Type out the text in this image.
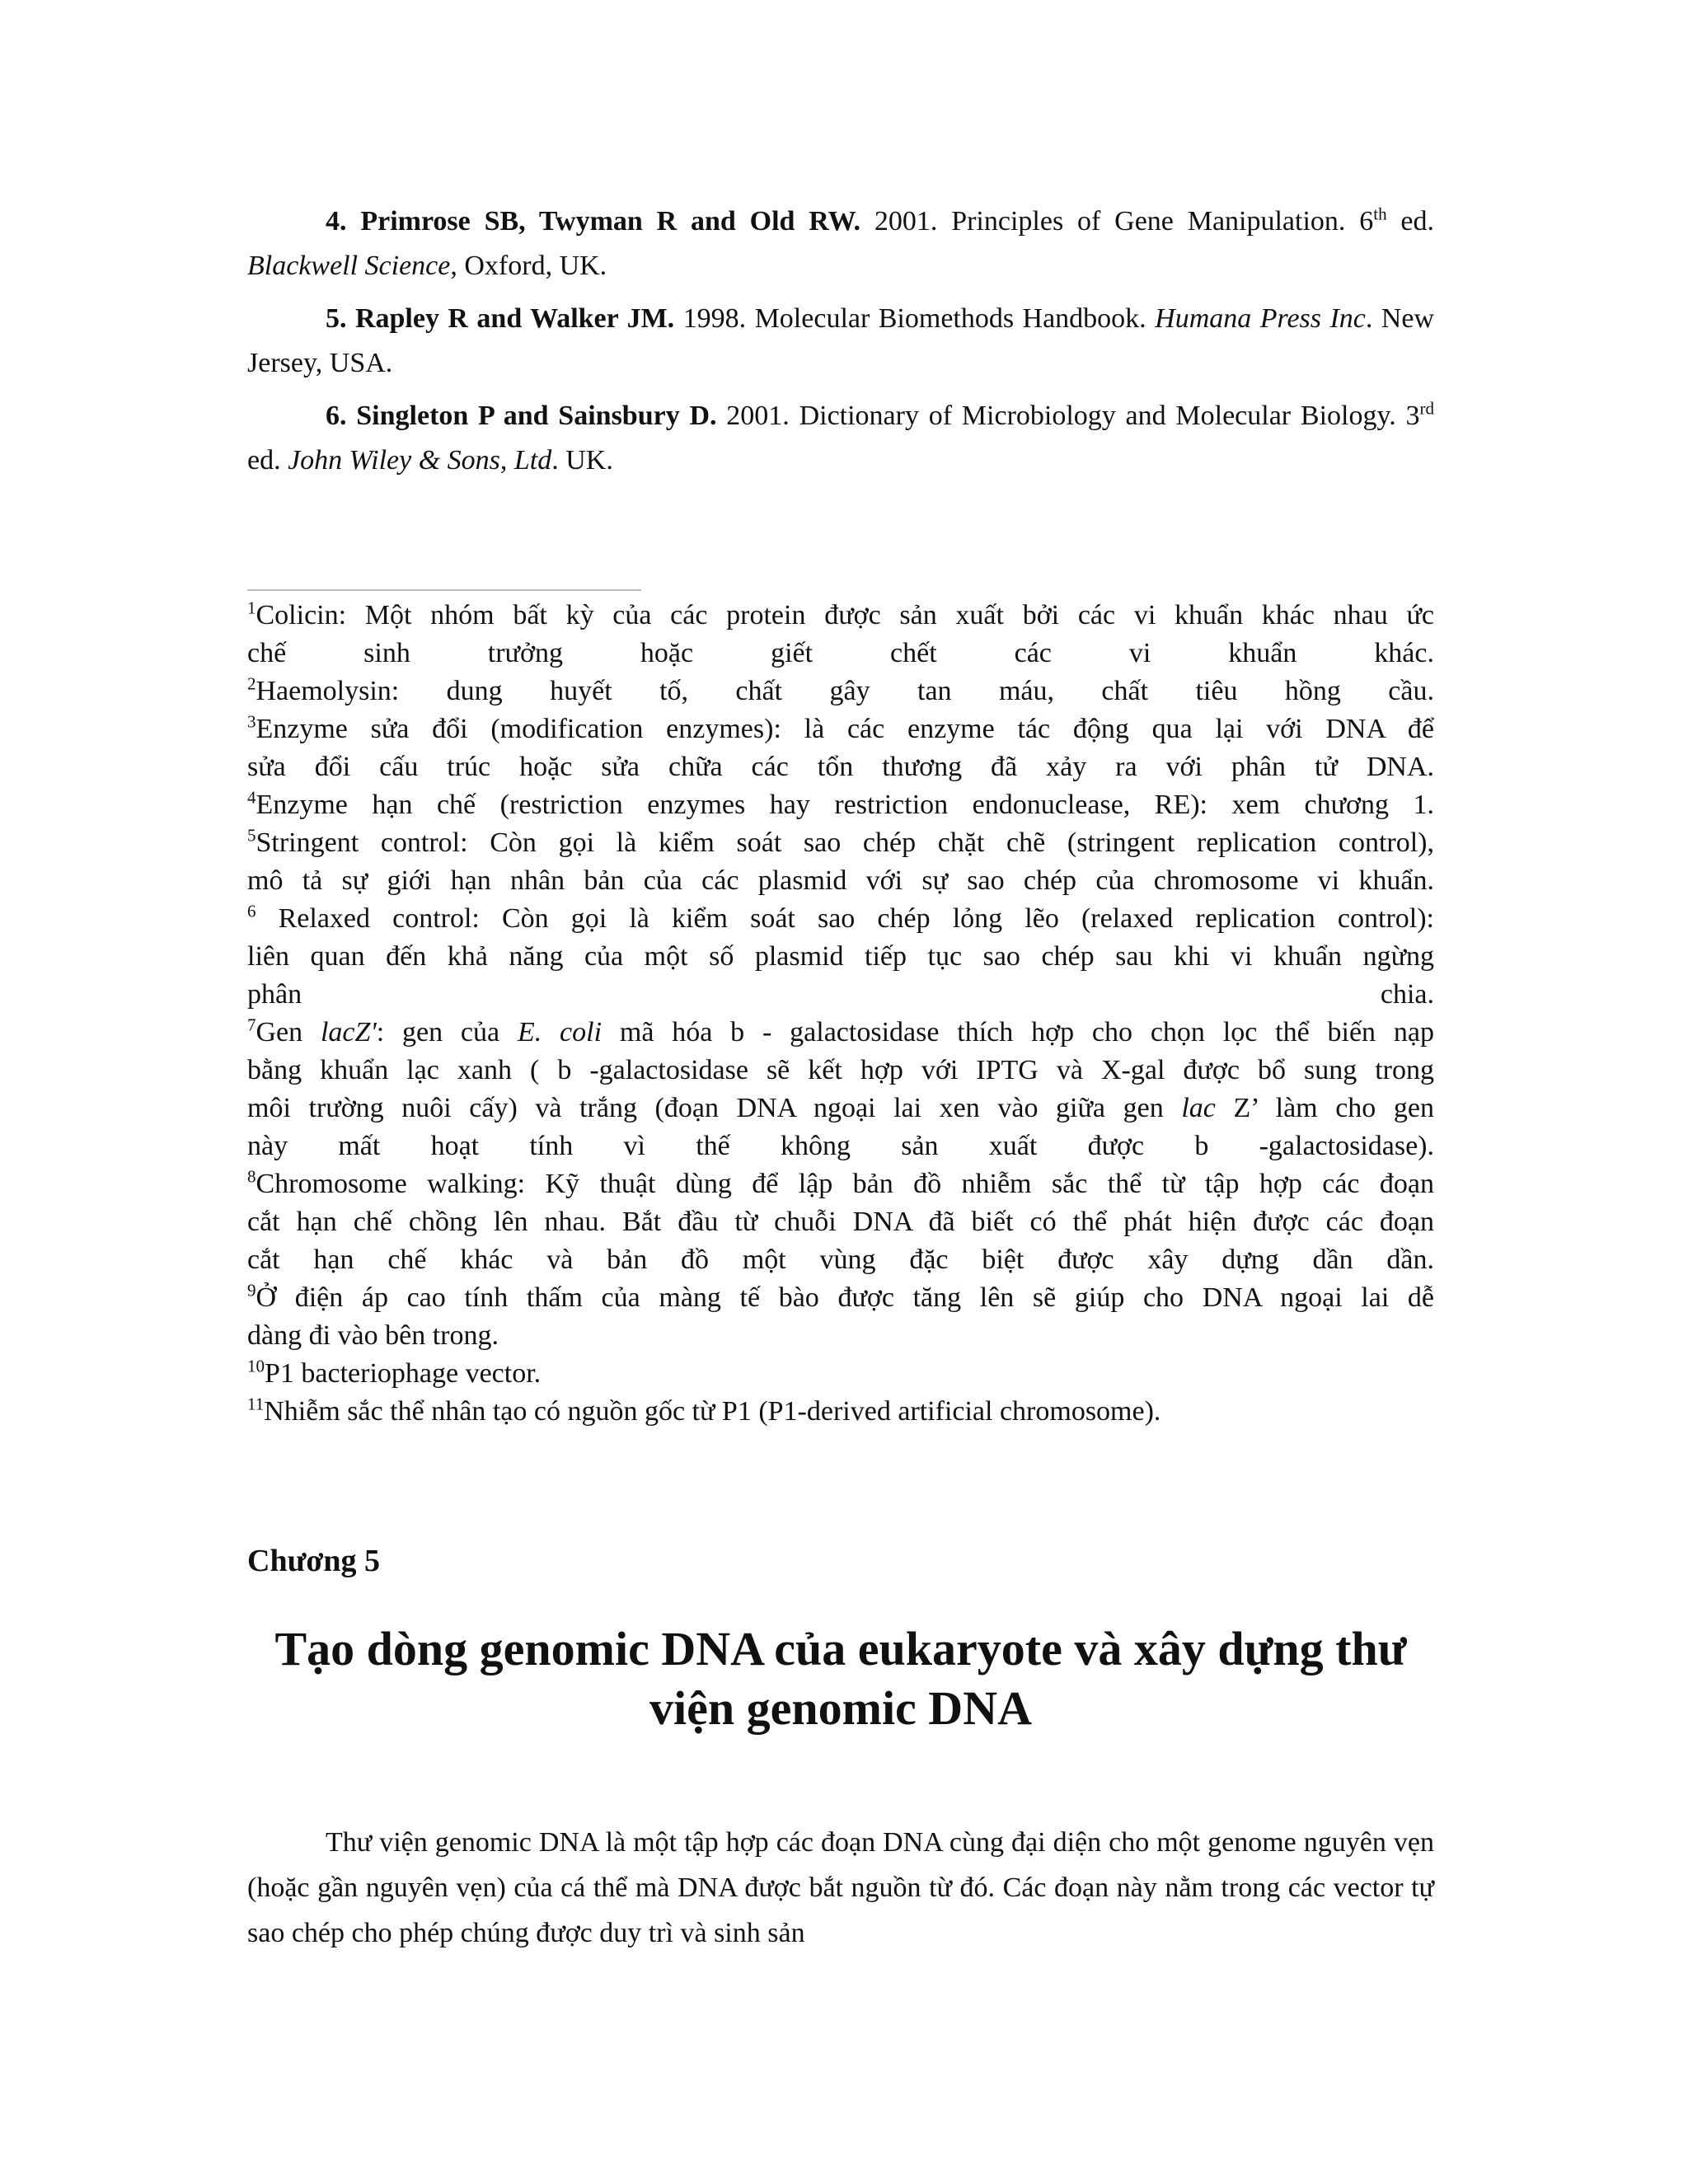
4. Primrose SB, Twyman R and Old RW. 2001. Principles of Gene Manipulation. 6th ed. Blackwell Science, Oxford, UK.

5. Rapley R and Walker JM. 1998. Molecular Biomethods Handbook. Humana Press Inc. New Jersey, USA.

6. Singleton P and Sainsbury D. 2001. Dictionary of Microbiology and Molecular Biology. 3rd ed. John Wiley & Sons, Ltd. UK.

$^1$Colicin: Một nhóm bất kỳ của các protein được sản xuất bởi các vi khuẩn khác nhau ức
chế sinh trưởng hoặc giết chết các vi khuẩn khác.
$^2$Haemolysin: dung huyết tố, chất gây tan máu, chất tiêu hồng cầu.
$^3$Enzyme sửa đổi (modification enzymes): là các enzyme tác động qua lại với DNA để
sửa đổi cấu trúc hoặc sửa chữa các tổn thương đã xảy ra với phân tử DNA.
$^4$Enzyme hạn chế (restriction enzymes hay restriction endonuclease, RE): xem chương 1.
$^5$Stringent control: Còn gọi là kiểm soát sao chép chặt chẽ (stringent replication control),
mô tả sự giới hạn nhân bản của các plasmid với sự sao chép của chromosome vi khuẩn.
$^6$ Relaxed control: Còn gọi là kiểm soát sao chép lỏng lẽo (relaxed replication control):
liên quan đến khả năng của một số plasmid tiếp tục sao chép sau khi vi khuẩn ngừng
phân chia.
$^7$Gen lacZ': gen của E. coli mã hóa b - galactosidase thích hợp cho chọn lọc thể biến nạp
bằng khuẩn lạc xanh ( b -galactosidase sẽ kết hợp với IPTG và X-gal được bổ sung trong
môi trường nuôi cấy) và trắng (đoạn DNA ngoại lai xen vào giữa gen lac Z’ làm cho gen
này mất hoạt tính vì thế không sản xuất được b -galactosidase).
$^8$Chromosome walking: Kỹ thuật dùng để lập bản đồ nhiễm sắc thể từ tập hợp các đoạn
cắt hạn chế chồng lên nhau. Bắt đầu từ chuỗi DNA đã biết có thể phát hiện được các đoạn
cắt hạn chế khác và bản đồ một vùng đặc biệt được xây dựng dần dần.
$^9$Ở điện áp cao tính thấm của màng tế bào được tăng lên sẽ giúp cho DNA ngoại lai dễ
dàng đi vào bên trong.
$^{10}$P1 bacteriophage vector.
$^{11}$Nhiễm sắc thể nhân tạo có nguồn gốc từ P1 (P1-derived artificial chromosome).
Chương 5
Tạo dòng genomic DNA của eukaryote và xây dựng thư viện genomic DNA

Thư viện genomic DNA là một tập hợp các đoạn DNA cùng đại diện cho một genome nguyên vẹn (hoặc gần nguyên vẹn) của cá thể mà DNA được bắt nguồn từ đó. Các đoạn này nằm trong các vector tự sao chép cho phép chúng được duy trì và sinh sản
